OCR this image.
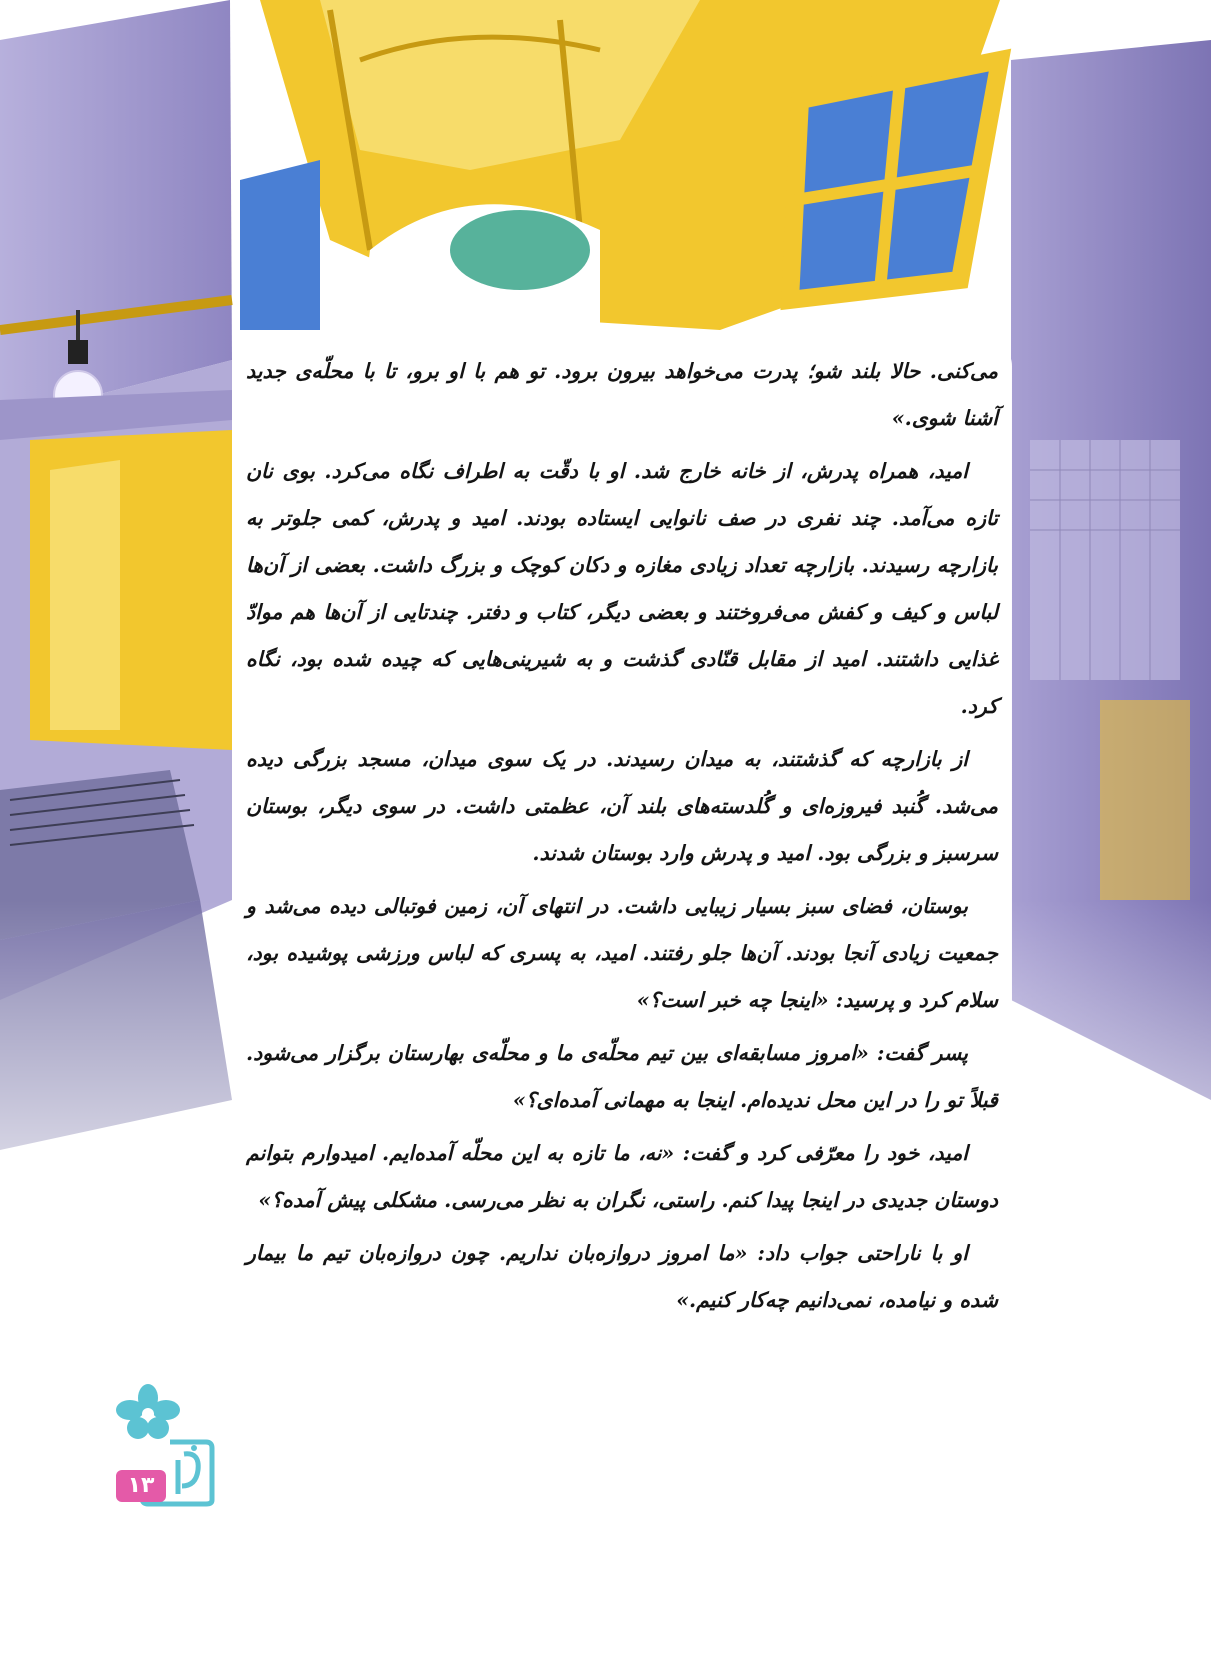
می‌کنی. حالا بلند شو؛ پدرت می‌خواهد بیرون برود. تو هم با او برو، تا با محلّه‌ی جدید آشنا شوی.»

امید، همراه پدرش، از خانه خارج شد. او با دقّت به اطراف نگاه می‌کرد. بوی نان تازه می‌آمد. چند نفری در صف نانوایی ایستاده بودند. امید و پدرش، کمی جلوتر به بازارچه رسیدند. بازارچه تعداد زیادی مغازه و دکان کوچک و بزرگ داشت. بعضی از آن‌ها لباس و کیف و کفش می‌فروختند و بعضی دیگر، کتاب و دفتر. چندتایی از آن‌ها هم موادّ غذایی داشتند. امید از مقابل قنّادی گذشت و به شیرینی‌هایی که چیده شده بود، نگاه کرد.

از بازارچه که گذشتند، به میدان رسیدند. در یک سوی میدان، مسجد بزرگی دیده می‌شد. گُنبد فیروزه‌ای و گُلدسته‌های بلند آن، عظمتی داشت. در سوی دیگر، بوستان سرسبز و بزرگی بود. امید و پدرش وارد بوستان شدند.

بوستان، فضای سبز بسیار زیبایی داشت. در انتهای آن، زمین فوتبالی دیده می‌شد و جمعیت زیادی آنجا بودند. آن‌ها جلو رفتند. امید، به پسری که لباس ورزشی پوشیده بود، سلام کرد و پرسید: «اینجا چه خبر است؟»

پسر گفت: «امروز مسابقه‌ای بین تیم محلّه‌ی ما و محلّه‌ی بهارستان برگزار می‌شود. قبلاً تو را در این محل ندیده‌ام. اینجا به مهمانی آمده‌ای؟»

امید، خود را معرّفی کرد و گفت: «نه، ما تازه به این محلّه آمده‌ایم. امیدوارم بتوانم دوستان جدیدی در اینجا پیدا کنم. راستی، نگران به نظر می‌رسی. مشکلی پیش آمده؟»

او با ناراحتی جواب داد: «ما امروز دروازه‌بان نداریم. چون دروازه‌بان تیم ما بیمار شده و نیامده، نمی‌دانیم چه‌کار کنیم.»

۱۳
